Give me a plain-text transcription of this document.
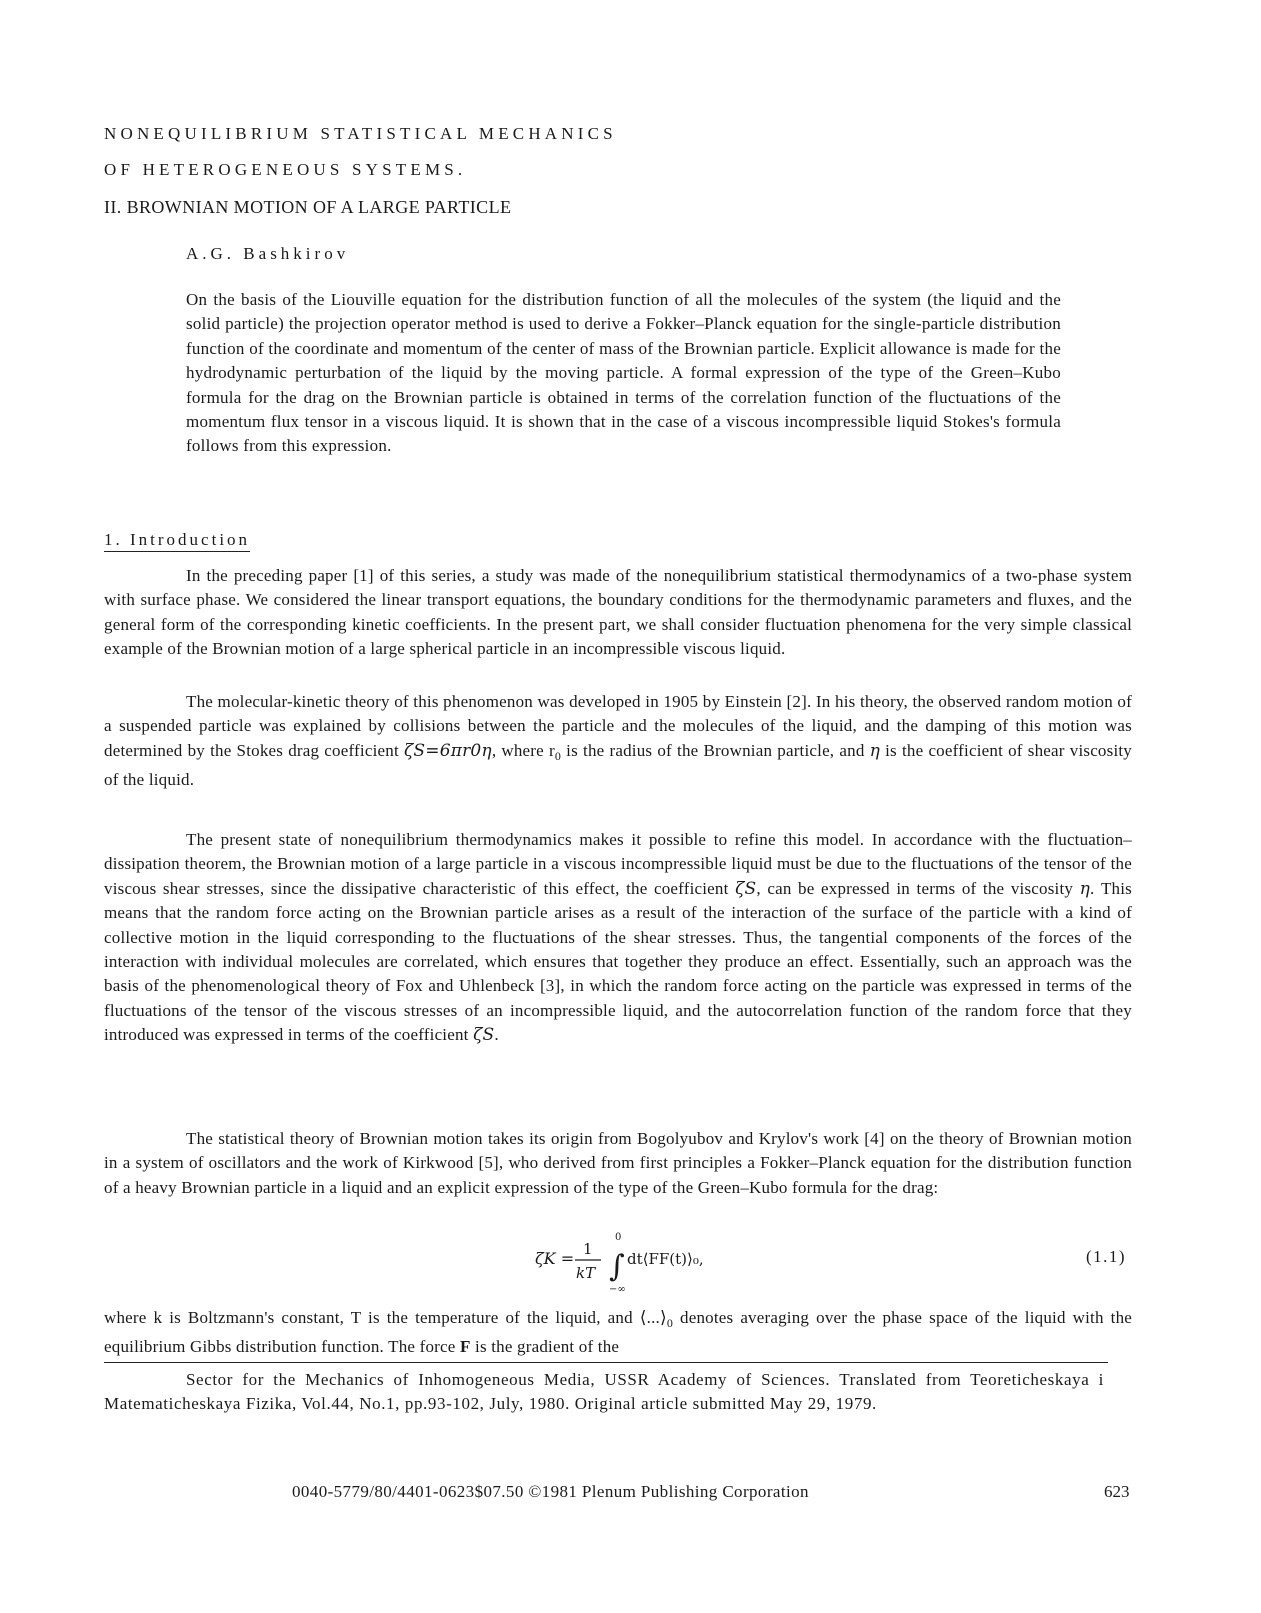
NONEQUILIBRIUM STATISTICAL MECHANICS
OF HETEROGENEOUS SYSTEMS.
II. BROWNIAN MOTION OF A LARGE PARTICLE
A.G. Bashkirov
On the basis of the Liouville equation for the distribution function of all the molecules of the system (the liquid and the solid particle) the projection operator method is used to derive a Fokker–Planck equation for the single-particle distribution function of the coordinate and momentum of the center of mass of the Brownian particle. Explicit allowance is made for the hydrodynamic perturbation of the liquid by the moving particle. A formal expression of the type of the Green–Kubo formula for the drag on the Brownian particle is obtained in terms of the correlation function of the fluctuations of the momentum flux tensor in a viscous liquid. It is shown that in the case of a viscous incompressible liquid Stokes's formula follows from this expression.
1. Introduction

In the preceding paper [1] of this series, a study was made of the nonequilibrium statistical thermodynamics of a two-phase system with surface phase. We considered the linear transport equations, the boundary conditions for the thermodynamic parameters and fluxes, and the general form of the corresponding kinetic coefficients. In the present part, we shall consider fluctuation phenomena for the very simple classical example of the Brownian motion of a large spherical particle in an incompressible viscous liquid.

The molecular-kinetic theory of this phenomenon was developed in 1905 by Einstein [2]. In his theory, the observed random motion of a suspended particle was explained by collisions between the particle and the molecules of the liquid, and the damping of this motion was determined by the Stokes drag coefficient ζS=6πr0η, where $r_0$ is the radius of the Brownian particle, and η is the coefficient of shear viscosity of the liquid.

The present state of nonequilibrium thermodynamics makes it possible to refine this model. In accordance with the fluctuation–dissipation theorem, the Brownian motion of a large particle in a viscous incompressible liquid must be due to the fluctuations of the tensor of the viscous shear stresses, since the dissipative characteristic of this effect, the coefficient ζS, can be expressed in terms of the viscosity η. This means that the random force acting on the Brownian particle arises as a result of the interaction of the surface of the particle with a kind of collective motion in the liquid corresponding to the fluctuations of the shear stresses. Thus, the tangential components of the forces of the interaction with individual molecules are correlated, which ensures that together they produce an effect. Essentially, such an approach was the basis of the phenomenological theory of Fox and Uhlenbeck [3], in which the random force acting on the particle was expressed in terms of the fluctuations of the tensor of the viscous stresses of an incompressible liquid, and the autocorrelation function of the random force that they introduced was expressed in terms of the coefficient ζS.

The statistical theory of Brownian motion takes its origin from Bogolyubov and Krylov's work [4] on the theory of Brownian motion in a system of oscillators and the work of Kirkwood [5], who derived from first principles a Fokker–Planck equation for the distribution function of a heavy Brownian particle in a liquid and an explicit expression of the type of the Green–Kubo formula for the drag:

ζK = 1
kT
0
∫
−∞
dt⟨FF(t)⟩₀,	(1.1)

where k is Boltzmann's constant, T is the temperature of the liquid, and $⟨...⟩_0$ denotes averaging over the phase space of the liquid with the equilibrium Gibbs distribution function. The force F is the gradient of the

Sector for the Mechanics of Inhomogeneous Media, USSR Academy of Sciences. Translated from Teoreticheskaya i Matematicheskaya Fizika, Vol.44, No.1, pp.93-102, July, 1980. Original article submitted May 29, 1979.

0040-5779/80/4401-0623$07.50 ©1981 Plenum Publishing Corporation	623
